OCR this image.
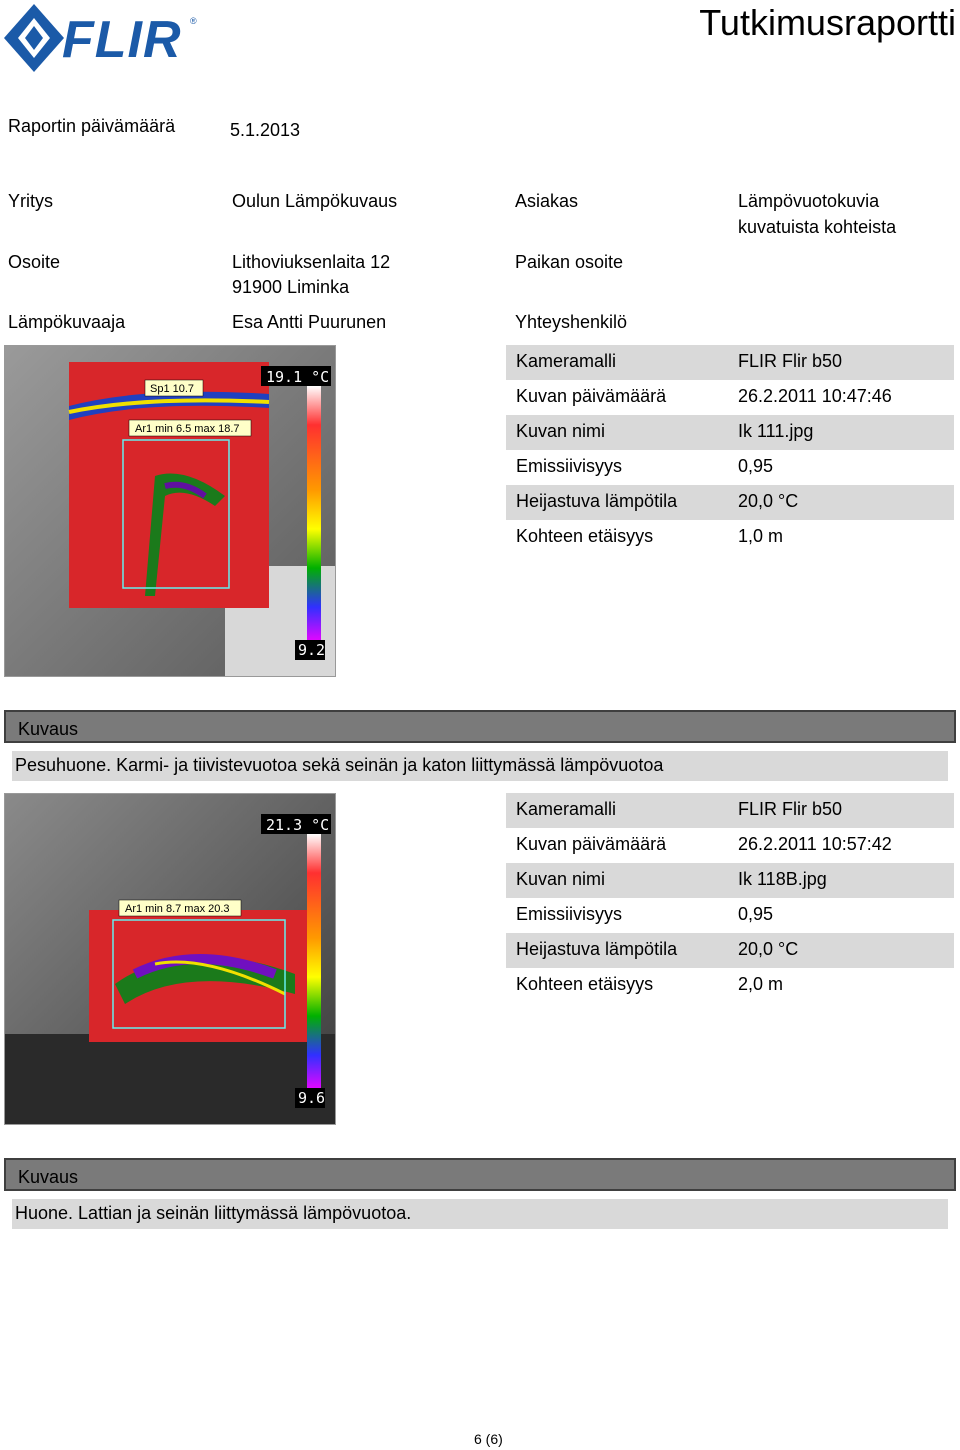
FLIR ®	Tutkimusraportti
Raportin päivämäärä	5.1.2013
Yritys	Oulun Lämpökuvaus	Asiakas	Lämpövuotokuvia
kuvatuista kohteista
Osoite	Lithoviuksenlaita 12
91900 Liminka
Paikan osoite
Lämpökuvaaja	Esa Antti Puurunen	Yhteyshenkilö
Sp1 10.7
Ar1 min 6.5 max 18.7
19.1 °C
9.2
Kameramalli	FLIR Flir b50
Kuvan päivämäärä	26.2.2011 10:47:46
Kuvan nimi	Ik 111.jpg
Emissiivisyys	0,95
Heijastuva lämpötila	20,0 °C
Kohteen etäisyys	1,0 m
Kuvaus
Pesuhuone. Karmi- ja tiivistevuotoa sekä seinän ja katon liittymässä lämpövuotoa
Ar1 min 8.7 max 20.3
21.3 °C
9.6
Kameramalli	FLIR Flir b50
Kuvan päivämäärä	26.2.2011 10:57:42
Kuvan nimi	Ik 118B.jpg
Emissiivisyys	0,95
Heijastuva lämpötila	20,0 °C
Kohteen etäisyys	2,0 m
Kuvaus
Huone. Lattian ja seinän liittymässä lämpövuotoa.
6 (6)
